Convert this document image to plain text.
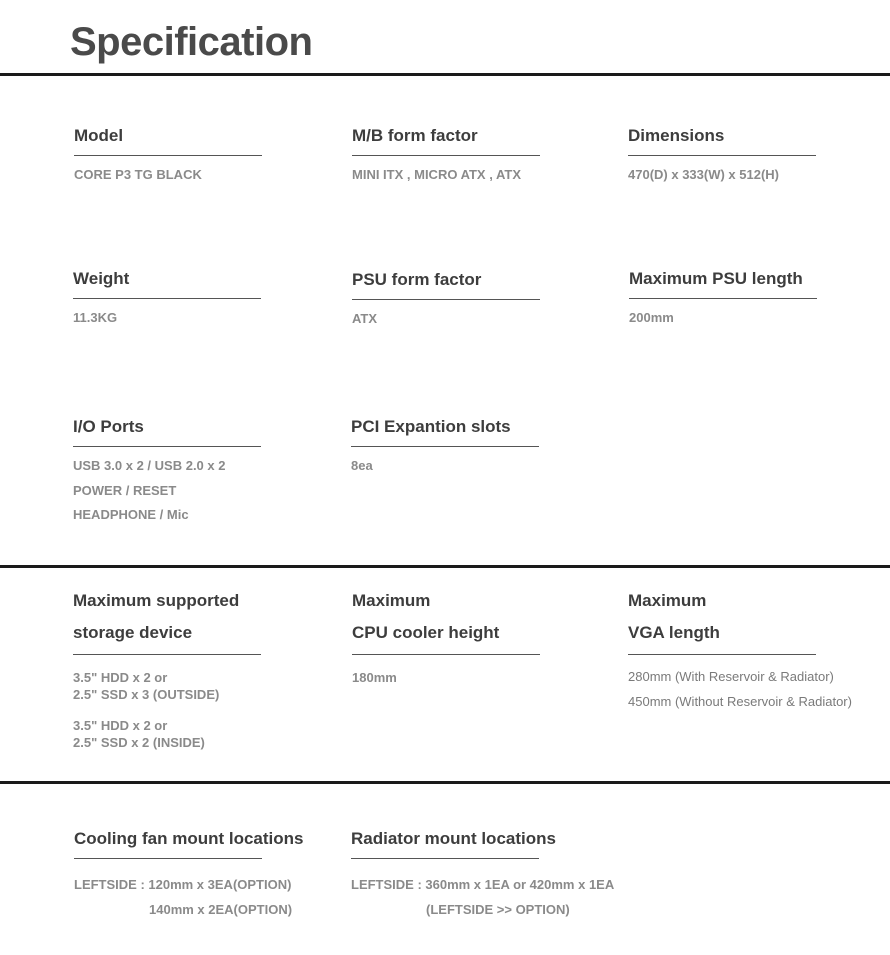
Specification
Model
CORE P3 TG BLACK
M/B form factor
MINI ITX , MICRO ATX , ATX
Dimensions
470(D) x 333(W) x 512(H)
Weight
11.3KG
PSU form factor
ATX
Maximum PSU length
200mm
I/O Ports
USB 3.0 x 2 / USB 2.0 x 2
POWER / RESET
HEADPHONE / Mic
PCI Expantion slots
8ea
Maximum supported
storage device
3.5" HDD x 2 or
2.5" SSD x 3 (OUTSIDE)
3.5" HDD x 2 or
2.5" SSD x 2 (INSIDE)
Maximum
CPU cooler height
180mm
Maximum
VGA length
280mm (With Reservoir & Radiator)
450mm (Without Reservoir & Radiator)
Cooling fan mount locations
LEFTSIDE : 120mm x 3EA(OPTION)
140mm x 2EA(OPTION)
Radiator mount locations
LEFTSIDE : 360mm x 1EA or 420mm x 1EA
(LEFTSIDE >> OPTION)
